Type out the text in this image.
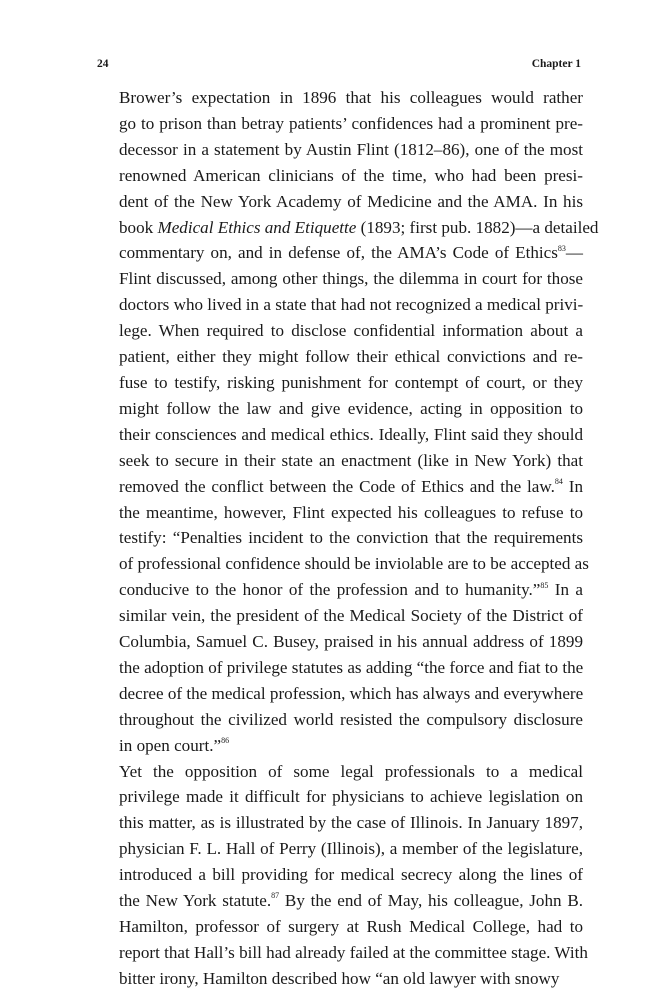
24	Chapter 1
Brower’s expectation in 1896 that his colleagues would rather
go to prison than betray patients’ confidences had a prominent pre-
decessor in a statement by Austin Flint (1812–86), one of the most
renowned American clinicians of the time, who had been presi-
dent of the New York Academy of Medicine and the AMA. In his
book Medical Ethics and Etiquette (1893; first pub. 1882)—a detailed
commentary on, and in defense of, the AMA’s Code of Ethics$^{83}$—
Flint discussed, among other things, the dilemma in court for those
doctors who lived in a state that had not recognized a medical privi-
lege. When required to disclose confidential information about a
patient, either they might follow their ethical convictions and re-
fuse to testify, risking punishment for contempt of court, or they
might follow the law and give evidence, acting in opposition to
their consciences and medical ethics. Ideally, Flint said they should
seek to secure in their state an enactment (like in New York) that
removed the conflict between the Code of Ethics and the law.$^{84}$ In
the meantime, however, Flint expected his colleagues to refuse to
testify: “Penalties incident to the conviction that the requirements
of professional confidence should be inviolable are to be accepted as
conducive to the honor of the profession and to humanity.”$^{85}$ In a
similar vein, the president of the Medical Society of the District of
Columbia, Samuel C. Busey, praised in his annual address of 1899
the adoption of privilege statutes as adding “the force and fiat to the
decree of the medical profession, which has always and everywhere
throughout the civilized world resisted the compulsory disclosure
in open court.”$^{86}$
Yet the opposition of some legal professionals to a medical
privilege made it difficult for physicians to achieve legislation on
this matter, as is illustrated by the case of Illinois. In January 1897,
physician F. L. Hall of Perry (Illinois), a member of the legislature,
introduced a bill providing for medical secrecy along the lines of
the New York statute.$^{87}$ By the end of May, his colleague, John B.
Hamilton, professor of surgery at Rush Medical College, had to
report that Hall’s bill had already failed at the committee stage. With
bitter irony, Hamilton described how “an old lawyer with snowy
